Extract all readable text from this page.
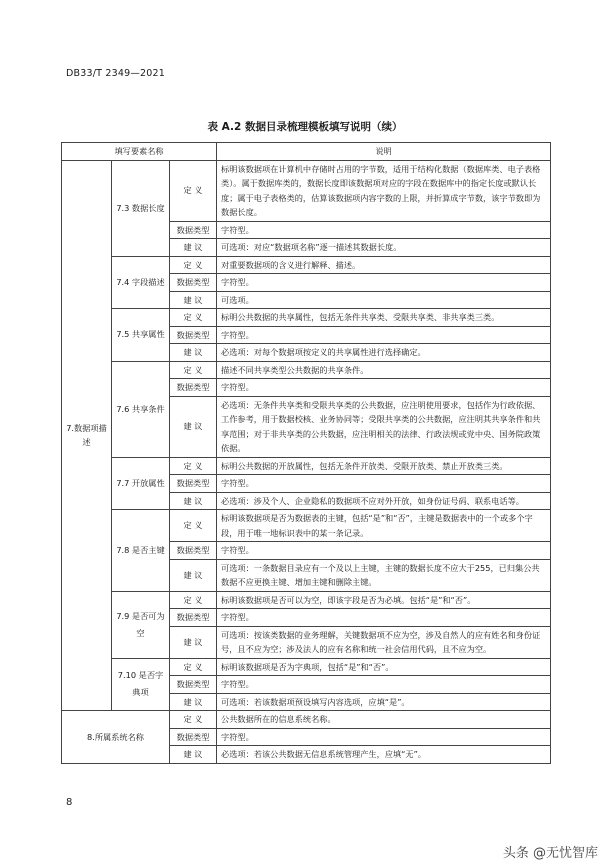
DB33/T 2349—2021
表 A.2 数据目录梳理模板填写说明（续）
填写要素名称			说明
7.数据项描述	7.3 数据长度	定 义	标明该数据项在计算机中存储时占用的字节数，适用于结构化数据（数据库类、电子表格类）。属于数据库类的，数据长度即该数据项对应的字段在数据库中的指定长度或默认长度；属于电子表格类的，估算该数据项内容字数的上限，并折算成字节数，该字节数即为数据长度。
		数据类型	字符型。
		建 议	可选项：对应“数据项名称”逐一描述其数据长度。
	7.4 字段描述	定 义	对重要数据项的含义进行解释、描述。
		数据类型	字符型。
		建 议	可选项。
	7.5 共享属性	定 义	标明公共数据的共享属性，包括无条件共享类、受限共享类、非共享类三类。
		数据类型	字符型。
		建 议	必选项：对每个数据项按定义的共享属性进行选择确定。
	7.6 共享条件	定 义	描述不同共享类型公共数据的共享条件。
		数据类型	字符型。
		建 议	必选项：无条件共享类和受限共享类的公共数据，应注明使用要求，包括作为行政依据、工作参考，用于数据校核、业务协同等；受限共享类的公共数据，应注明其共享条件和共享范围；对于非共享类的公共数据，应注明相关的法律、行政法规或党中央、国务院政策依据。
	7.7 开放属性	定 义	标明公共数据的开放属性，包括无条件开放类、受限开放类、禁止开放类三类。
		数据类型	字符型。
		建 议	必选项：涉及个人、企业隐私的数据项不应对外开放，如身份证号码、联系电话等。
	7.8 是否主键	定 义	标明该数据项是否为数据表的主键，包括“是”和“否”，主键是数据表中的一个或多个字段，用于唯一地标识表中的某一条记录。
		数据类型	字符型。
		建 议	可选项：一条数据目录应有一个及以上主键，主键的数据长度不应大于255，已归集公共数据不应更换主键、增加主键和删除主键。
	7.9 是否可为空	定 义	标明该数据项是否可以为空，即该字段是否为必填。包括“是”和“否”。
		数据类型	字符型。
		建 议	可选项：按该类数据的业务理解，关键数据项不应为空，涉及自然人的应有姓名和身份证号，且不应为空；涉及法人的应有名称和统一社会信用代码，且不应为空。
	7.10 是否字典项	定 义	标明该数据项是否为字典项，包括“是”和“否”。
		数据类型	字符型。
		建 议	可选项：若该数据项预设填写内容选项，应填“是”。
8.所属系统名称		定 义	公共数据所在的信息系统名称。
		数据类型	字符型。
		建 议	必选项：若该公共数据无信息系统管理产生，应填“无”。
8
头条 @无忧智库
